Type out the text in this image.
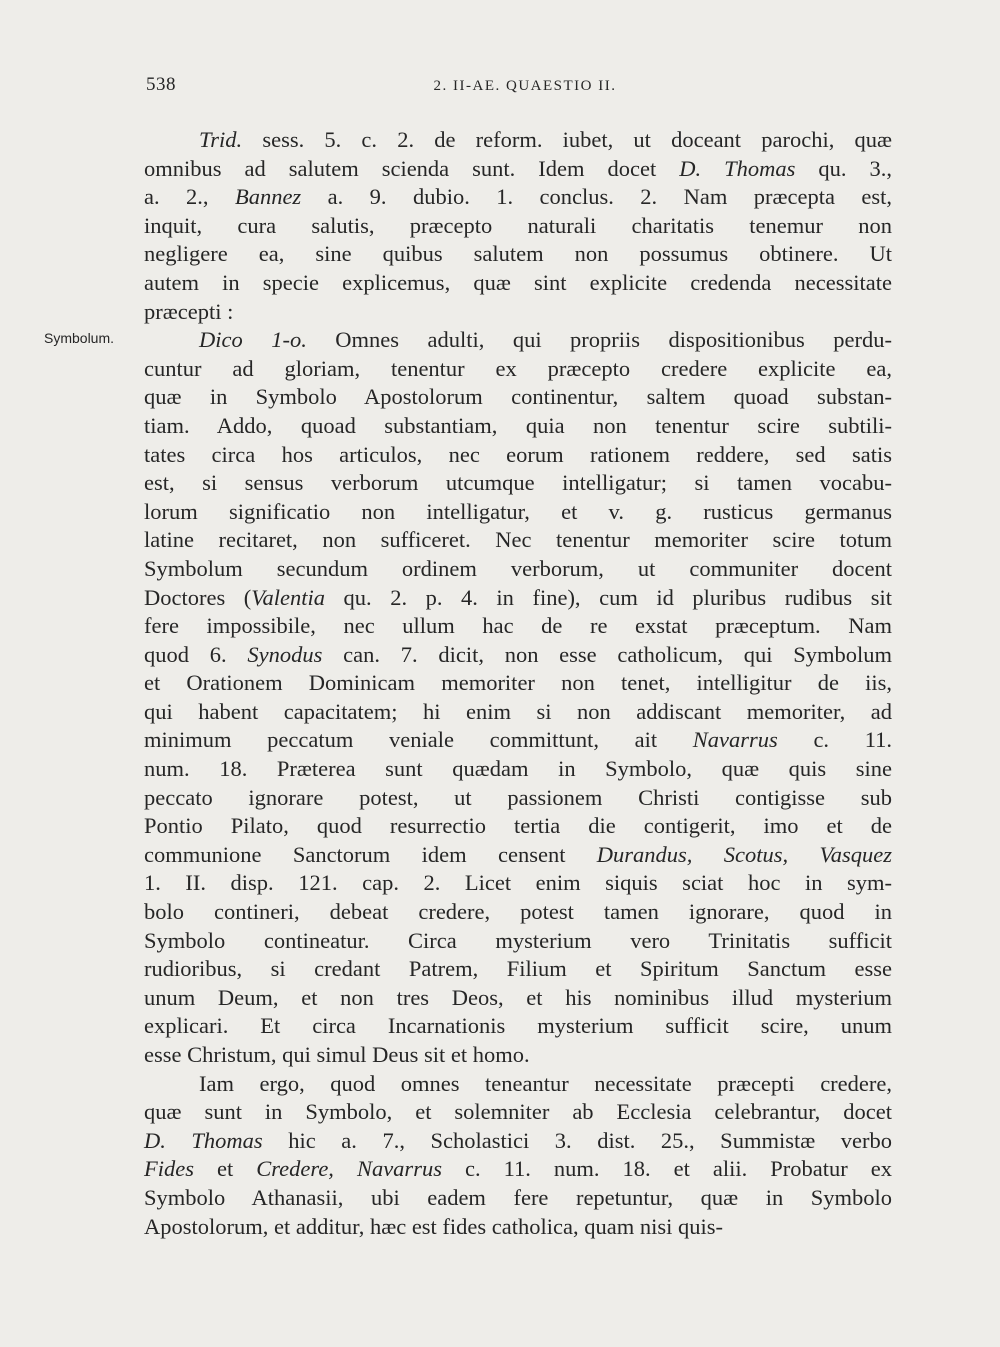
538	2. II-AE. QUAESTIO II.
Symbolum.
Trid. sess. 5. c. 2. de reform. iubet, ut doceant parochi, quæ
omnibus ad salutem scienda sunt. Idem docet D. Thomas qu. 3.,
a. 2., Bannez a. 9. dubio. 1. conclus. 2. Nam præcepta est,
inquit, cura salutis, præcepto naturali charitatis tenemur non
negligere ea, sine quibus salutem non possumus obtinere. Ut
autem in specie explicemus, quæ sint explicite credenda necessitate
præcepti :
Dico 1-o. Omnes adulti, qui propriis dispositionibus perdu-
cuntur ad gloriam, tenentur ex præcepto credere explicite ea,
quæ in Symbolo Apostolorum continentur, saltem quoad substan-
tiam. Addo, quoad substantiam, quia non tenentur scire subtili-
tates circa hos articulos, nec eorum rationem reddere, sed satis
est, si sensus verborum utcumque intelligatur; si tamen vocabu-
lorum significatio non intelligatur, et v. g. rusticus germanus
latine recitaret, non sufficeret. Nec tenentur memoriter scire totum
Symbolum secundum ordinem verborum, ut communiter docent
Doctores (Valentia qu. 2. p. 4. in fine), cum id pluribus rudibus sit
fere impossibile, nec ullum hac de re exstat præceptum. Nam
quod 6. Synodus can. 7. dicit, non esse catholicum, qui Symbolum
et Orationem Dominicam memoriter non tenet, intelligitur de iis,
qui habent capacitatem; hi enim si non addiscant memoriter, ad
minimum peccatum veniale committunt, ait Navarrus c. 11.
num. 18. Præterea sunt quædam in Symbolo, quæ quis sine
peccato ignorare potest, ut passionem Christi contigisse sub
Pontio Pilato, quod resurrectio tertia die contigerit, imo et de
communione Sanctorum idem censent Durandus, Scotus, Vasquez
1. II. disp. 121. cap. 2. Licet enim siquis sciat hoc in sym-
bolo contineri, debeat credere, potest tamen ignorare, quod in
Symbolo contineatur. Circa mysterium vero Trinitatis sufficit
rudioribus, si credant Patrem, Filium et Spiritum Sanctum esse
unum Deum, et non tres Deos, et his nominibus illud mysterium
explicari. Et circa Incarnationis mysterium sufficit scire, unum
esse Christum, qui simul Deus sit et homo.
Iam ergo, quod omnes teneantur necessitate præcepti credere,
quæ sunt in Symbolo, et solemniter ab Ecclesia celebrantur, docet
D. Thomas hic a. 7., Scholastici 3. dist. 25., Summistæ verbo
Fides et Credere, Navarrus c. 11. num. 18. et alii. Probatur ex
Symbolo Athanasii, ubi eadem fere repetuntur, quæ in Symbolo
Apostolorum, et additur, hæc est fides catholica, quam nisi quis-
